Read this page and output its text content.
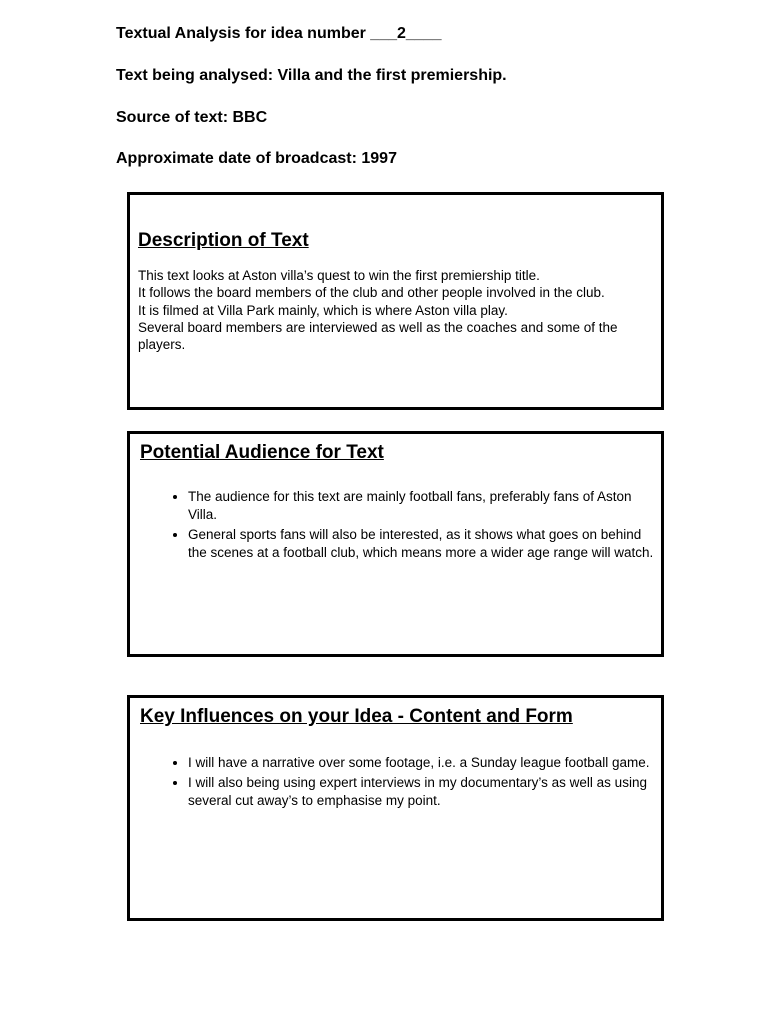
Textual Analysis for idea number ___2____
Text being analysed: Villa and the first premiership.
Source of text: BBC
Approximate date of broadcast: 1997
Description of Text
This text looks at Aston villa’s quest to win the first premiership title.
It follows the board members of the club and other people involved in the club.
It is filmed at Villa Park mainly, which is where Aston villa play.
Several board members are interviewed as well as the coaches and some of the players.
Potential Audience for Text
• The audience for this text are mainly football fans, preferably fans of Aston Villa.
• General sports fans will also be interested, as it shows what goes on behind the scenes at a football club, which means more a wider age range will watch.
Key Influences on your Idea - Content and Form
• I will have a narrative over some footage, i.e. a Sunday league football game.
• I will also being using expert interviews in my documentary’s as well as using several cut away’s to emphasise my point.
